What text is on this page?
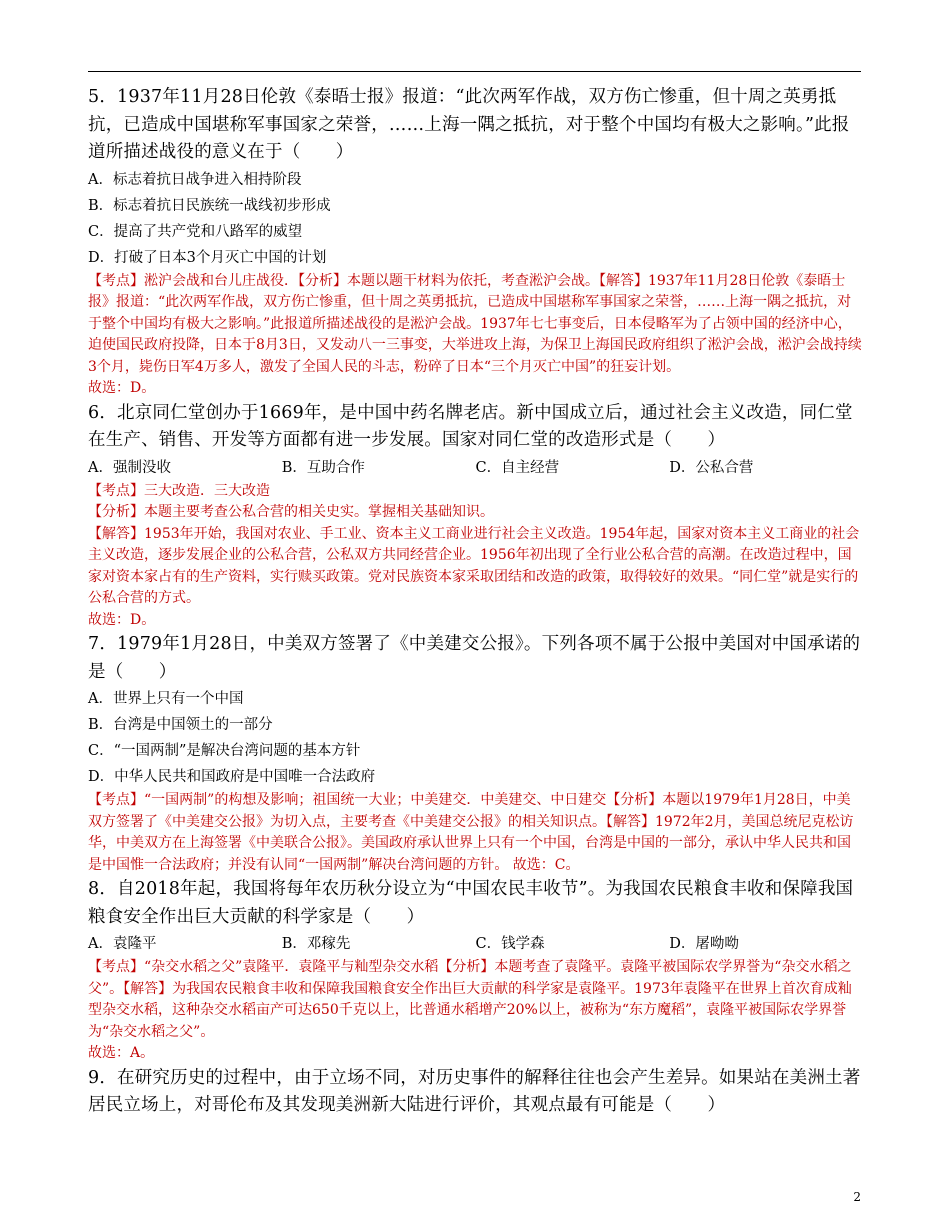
5．1937年11月28日伦敦《泰晤士报》报道：“此次两军作战，双方伤亡惨重，但十周之英勇抵抗，已造成中国堪称军事国家之荣誉，……上海一隅之抵抗，对于整个中国均有极大之影响。”此报道所描述战役的意义在于（　　）

A．标志着抗日战争进入相持阶段

B．标志着抗日民族统一战线初步形成

C．提高了共产党和八路军的威望

D．打破了日本3个月灭亡中国的计划

【考点】淞沪会战和台儿庄战役．【分析】本题以题干材料为依托，考查淞沪会战。【解答】1937年11月28日伦敦《泰晤士报》报道：“此次两军作战，双方伤亡惨重，但十周之英勇抵抗，已造成中国堪称军事国家之荣誉，……上海一隅之抵抗，对于整个中国均有极大之影响。”此报道所描述战役的是淞沪会战。1937年七七事变后，日本侵略军为了占领中国的经济中心，迫使国民政府投降，日本于8月3日，又发动八一三事变，大举进攻上海，为保卫上海国民政府组织了淞沪会战，淞沪会战持续3个月，毙伤日军4万多人，激发了全国人民的斗志，粉碎了日本“三个月灭亡中国”的狂妄计划。

故选：D。

6．北京同仁堂创办于1669年，是中国中药名牌老店。新中国成立后，通过社会主义改造，同仁堂在生产、销售、开发等方面都有进一步发展。国家对同仁堂的改造形式是（　　）

A．强制没收	B．互助合作	C．自主经营	D．公私合营

【考点】三大改造．三大改造

【分析】本题主要考查公私合营的相关史实。掌握相关基础知识。

【解答】1953年开始，我国对农业、手工业、资本主义工商业进行社会主义改造。1954年起，国家对资本主义工商业的社会主义改造，逐步发展企业的公私合营，公私双方共同经营企业。1956年初出现了全行业公私合营的高潮。在改造过程中，国家对资本家占有的生产资料，实行赎买政策。党对民族资本家采取团结和改造的政策，取得较好的效果。“同仁堂”就是实行的公私合营的方式。

故选：D。

7．1979年1月28日，中美双方签署了《中美建交公报》。下列各项不属于公报中美国对中国承诺的是（　　）

A．世界上只有一个中国

B．台湾是中国领土的一部分

C．“一国两制”是解决台湾问题的基本方针

D．中华人民共和国政府是中国唯一合法政府

【考点】“一国两制”的构想及影响；祖国统一大业；中美建交．中美建交、中日建交【分析】本题以1979年1月28日，中美双方签署了《中美建交公报》为切入点，主要考查《中美建交公报》的相关知识点。【解答】1972年2月，美国总统尼克松访华，中美双方在上海签署《中美联合公报》。美国政府承认世界上只有一个中国，台湾是中国的一部分，承认中华人民共和国是中国惟一合法政府；并没有认同“一国两制”解决台湾问题的方针。 故选：C。

8．自2018年起，我国将每年农历秋分设立为“中国农民丰收节”。为我国农民粮食丰收和保障我国粮食安全作出巨大贡献的科学家是（　　）

A．袁隆平	B．邓稼先	C．钱学森	D．屠呦呦

【考点】“杂交水稻之父”袁隆平．袁隆平与籼型杂交水稻【分析】本题考查了袁隆平。袁隆平被国际农学界誉为“杂交水稻之父”。【解答】为我国农民粮食丰收和保障我国粮食安全作出巨大贡献的科学家是袁隆平。1973年袁隆平在世界上首次育成籼型杂交水稻，这种杂交水稻亩产可达650千克以上，比普通水稻增产20%以上，被称为“东方魔稻”，袁隆平被国际农学界誉为“杂交水稻之父”。

故选：A。

9．在研究历史的过程中，由于立场不同，对历史事件的解释往往也会产生差异。如果站在美洲土著居民立场上，对哥伦布及其发现美洲新大陆进行评价，其观点最有可能是（　　）

2
